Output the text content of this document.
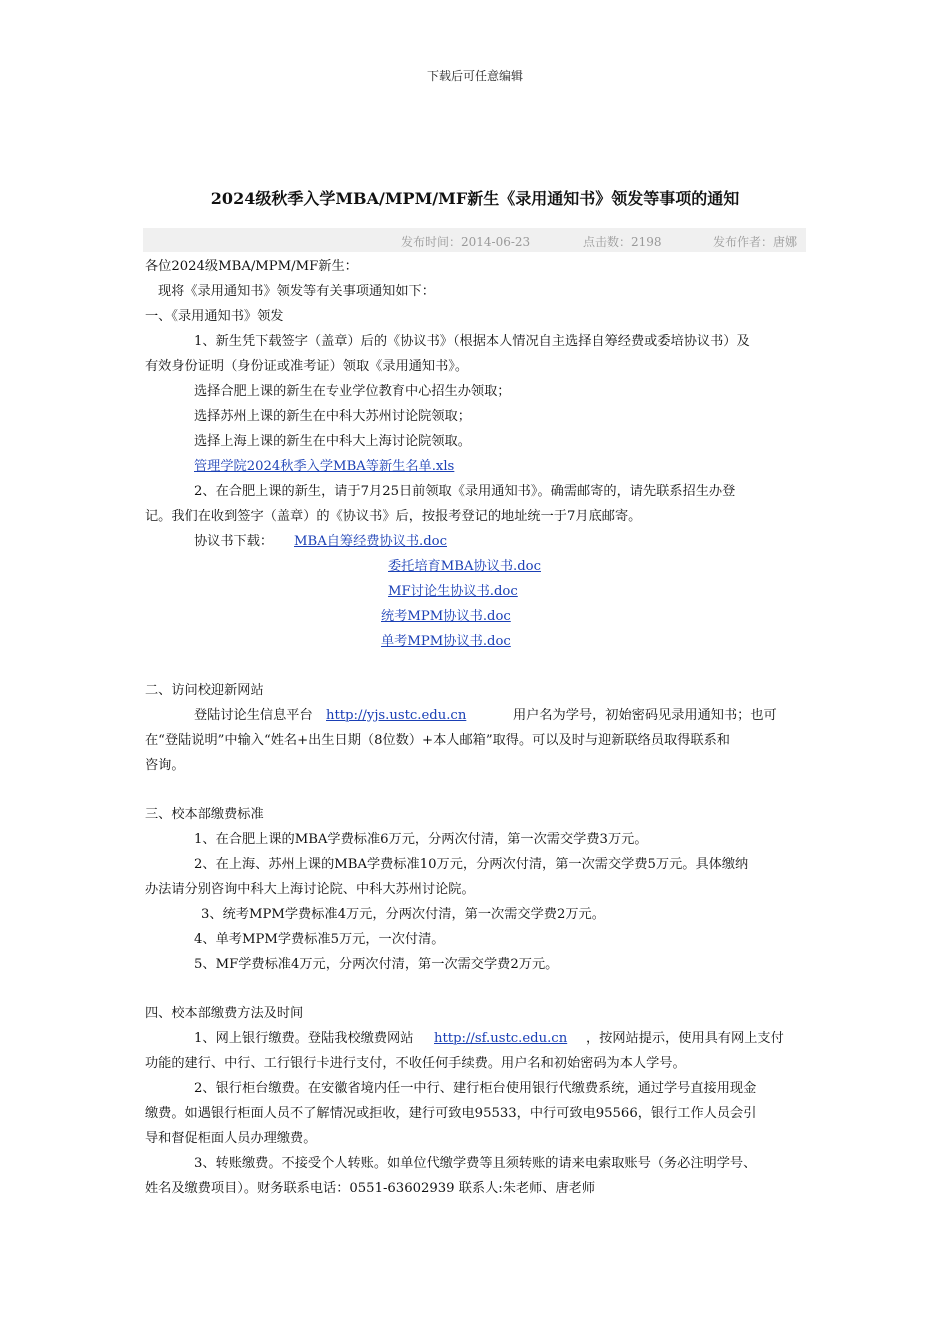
下载后可任意编辑
2024级秋季入学MBA/MPM/MF新生《录用通知书》领发等事项的通知
发布时间：2014-06-23	点击数：2198	发布作者：唐娜
各位2024级MBA/MPM/MF新生：
现将《录用通知书》领发等有关事项通知如下：
一、《录用通知书》领发
1、新生凭下载签字（盖章）后的《协议书》（根据本人情况自主选择自筹经费或委培协议书）及
有效身份证明（身份证或准考证）领取《录用通知书》。
选择合肥上课的新生在专业学位教育中心招生办领取；
选择苏州上课的新生在中科大苏州讨论院领取；
选择上海上课的新生在中科大上海讨论院领取。
管理学院2024秋季入学MBA等新生名单.xls
2、在合肥上课的新生，请于7月25日前领取《录用通知书》。确需邮寄的，请先联系招生办登
记。我们在收到签字（盖章）的《协议书》后，按报考登记的地址统一于7月底邮寄。
协议书下载： MBA自筹经费协议书.doc
委托培育MBA协议书.doc
MF讨论生协议书.doc
统考MPM协议书.doc
单考MPM协议书.doc
二、访问校迎新网站
登陆讨论生信息平台 http://yjs.ustc.edu.cn	用户名为学号，初始密码见录用通知书；也可
在“登陆说明”中输入“姓名+出生日期（8位数）+本人邮箱”取得。可以及时与迎新联络员取得联系和
咨询。
三、校本部缴费标准
1、在合肥上课的MBA学费标准6万元，分两次付清，第一次需交学费3万元。
2、在上海、苏州上课的MBA学费标准10万元，分两次付清，第一次需交学费5万元。具体缴纳
办法请分别咨询中科大上海讨论院、中科大苏州讨论院。
3、统考MPM学费标准4万元，分两次付清，第一次需交学费2万元。
4、单考MPM学费标准5万元，一次付清。
5、MF学费标准4万元，分两次付清，第一次需交学费2万元。
四、校本部缴费方法及时间
1、网上银行缴费。登陆我校缴费网站 http://sf.ustc.edu.cn ，按网站提示，使用具有网上支付
功能的建行、中行、工行银行卡进行支付，不收任何手续费。用户名和初始密码为本人学号。
2、银行柜台缴费。在安徽省境内任一中行、建行柜台使用银行代缴费系统，通过学号直接用现金
缴费。如遇银行柜面人员不了解情况或拒收，建行可致电95533，中行可致电95566，银行工作人员会引
导和督促柜面人员办理缴费。
3、转账缴费。不接受个人转账。如单位代缴学费等且须转账的请来电索取账号（务必注明学号、
姓名及缴费项目）。财务联系电话：0551-63602939 联系人:朱老师、唐老师
